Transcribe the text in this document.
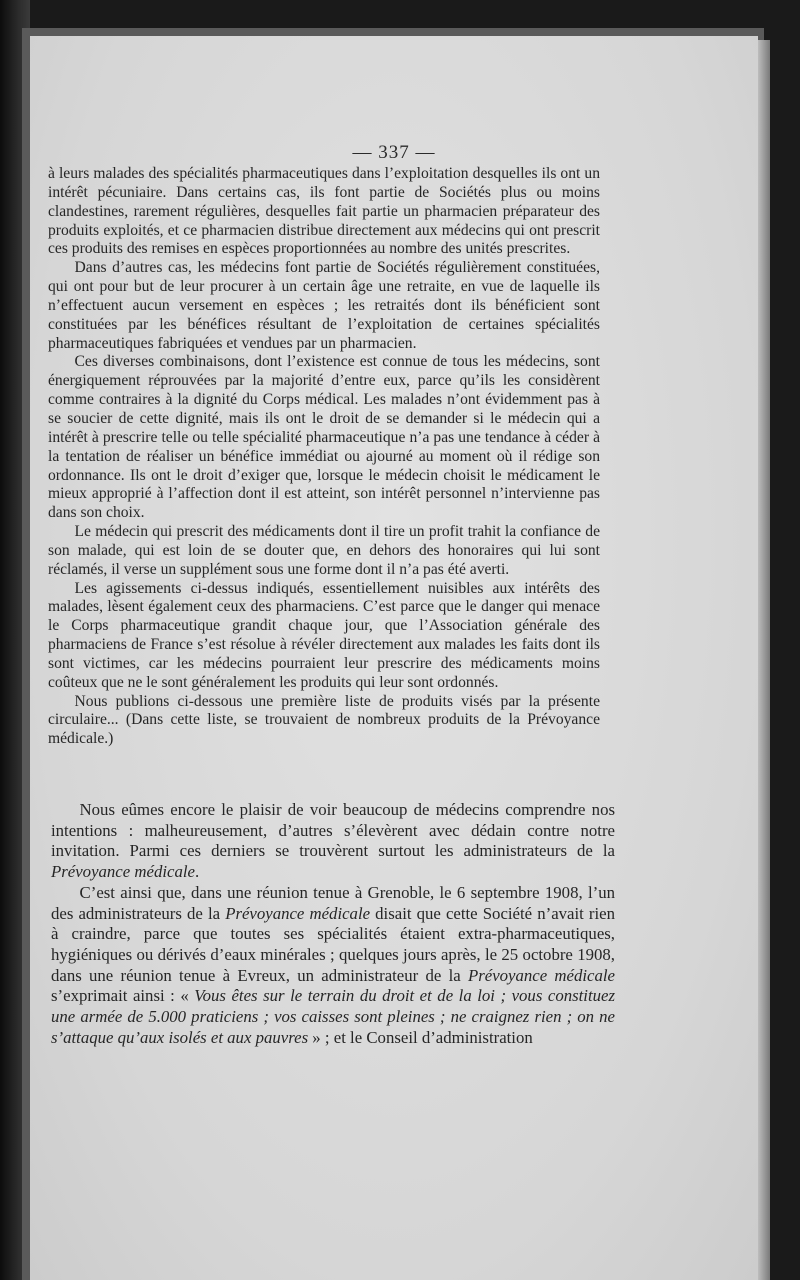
— 337 —

à leurs malades des spécialités pharmaceutiques dans l’exploitation desquelles ils ont un intérêt pécuniaire. Dans certains cas, ils font partie de Sociétés plus ou moins clandestines, rarement régulières, desquelles fait partie un pharmacien préparateur des produits exploités, et ce pharmacien distribue directement aux médecins qui ont prescrit ces produits des remises en espèces proportionnées au nombre des unités prescrites.

Dans d’autres cas, les médecins font partie de Sociétés régulièrement constituées, qui ont pour but de leur procurer à un certain âge une retraite, en vue de laquelle ils n’effectuent aucun versement en espèces ; les retraités dont ils bénéficient sont constituées par les bénéfices résultant de l’exploitation de certaines spécialités pharmaceutiques fabriquées et vendues par un pharmacien.

Ces diverses combinaisons, dont l’existence est connue de tous les médecins, sont énergiquement réprouvées par la majorité d’entre eux, parce qu’ils les considèrent comme contraires à la dignité du Corps médical. Les malades n’ont évidemment pas à se soucier de cette dignité, mais ils ont le droit de se demander si le médecin qui a intérêt à prescrire telle ou telle spécialité pharmaceutique n’a pas une tendance à céder à la tentation de réaliser un bénéfice immédiat ou ajourné au moment où il rédige son ordonnance. Ils ont le droit d’exiger que, lorsque le médecin choisit le médicament le mieux approprié à l’affection dont il est atteint, son intérêt personnel n’intervienne pas dans son choix.

Le médecin qui prescrit des médicaments dont il tire un profit trahit la confiance de son malade, qui est loin de se douter que, en dehors des honoraires qui lui sont réclamés, il verse un supplément sous une forme dont il n’a pas été averti.

Les agissements ci-dessus indiqués, essentiellement nuisibles aux intérêts des malades, lèsent également ceux des pharmaciens. C’est parce que le danger qui menace le Corps pharmaceutique grandit chaque jour, que l’Association générale des pharmaciens de France s’est résolue à révéler directement aux malades les faits dont ils sont victimes, car les médecins pourraient leur prescrire des médicaments moins coûteux que ne le sont généralement les produits qui leur sont ordonnés.

Nous publions ci-dessous une première liste de produits visés par la présente circulaire... (Dans cette liste, se trouvaient de nombreux produits de la Prévoyance médicale.)

Nous eûmes encore le plaisir de voir beaucoup de médecins comprendre nos intentions : malheureusement, d’autres s’élevèrent avec dédain contre notre invitation. Parmi ces derniers se trouvèrent surtout les administrateurs de la Prévoyance médicale.

C’est ainsi que, dans une réunion tenue à Grenoble, le 6 septembre 1908, l’un des administrateurs de la Prévoyance médicale disait que cette Société n’avait rien à craindre, parce que toutes ses spécialités étaient extra-pharmaceutiques, hygiéniques ou dérivés d’eaux minérales ; quelques jours après, le 25 octobre 1908, dans une réunion tenue à Evreux, un administrateur de la Prévoyance médicale s’exprimait ainsi : « Vous êtes sur le terrain du droit et de la loi ; vous constituez une armée de 5.000 praticiens ; vos caisses sont pleines ; ne craignez rien ; on ne s’attaque qu’aux isolés et aux pauvres » ; et le Conseil d’administration
